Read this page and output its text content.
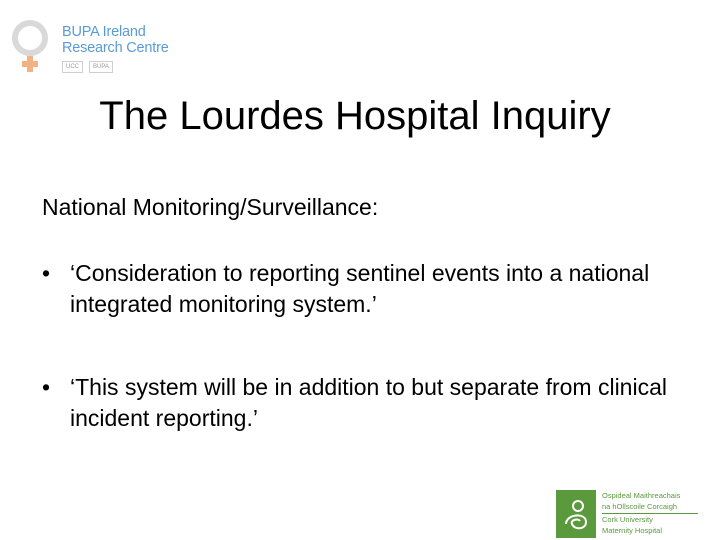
BUPA Ireland
Research Centre
UCC	BUPA
The Lourdes Hospital Inquiry
National Monitoring/Surveillance:
• ‘Consideration to reporting sentinel events into a national integrated monitoring system.’
• ‘This system will be in addition to but separate from clinical incident reporting.’
Ospideal Maithreachais
na hOllscoile Corcaigh
Cork University
Maternity Hospital
